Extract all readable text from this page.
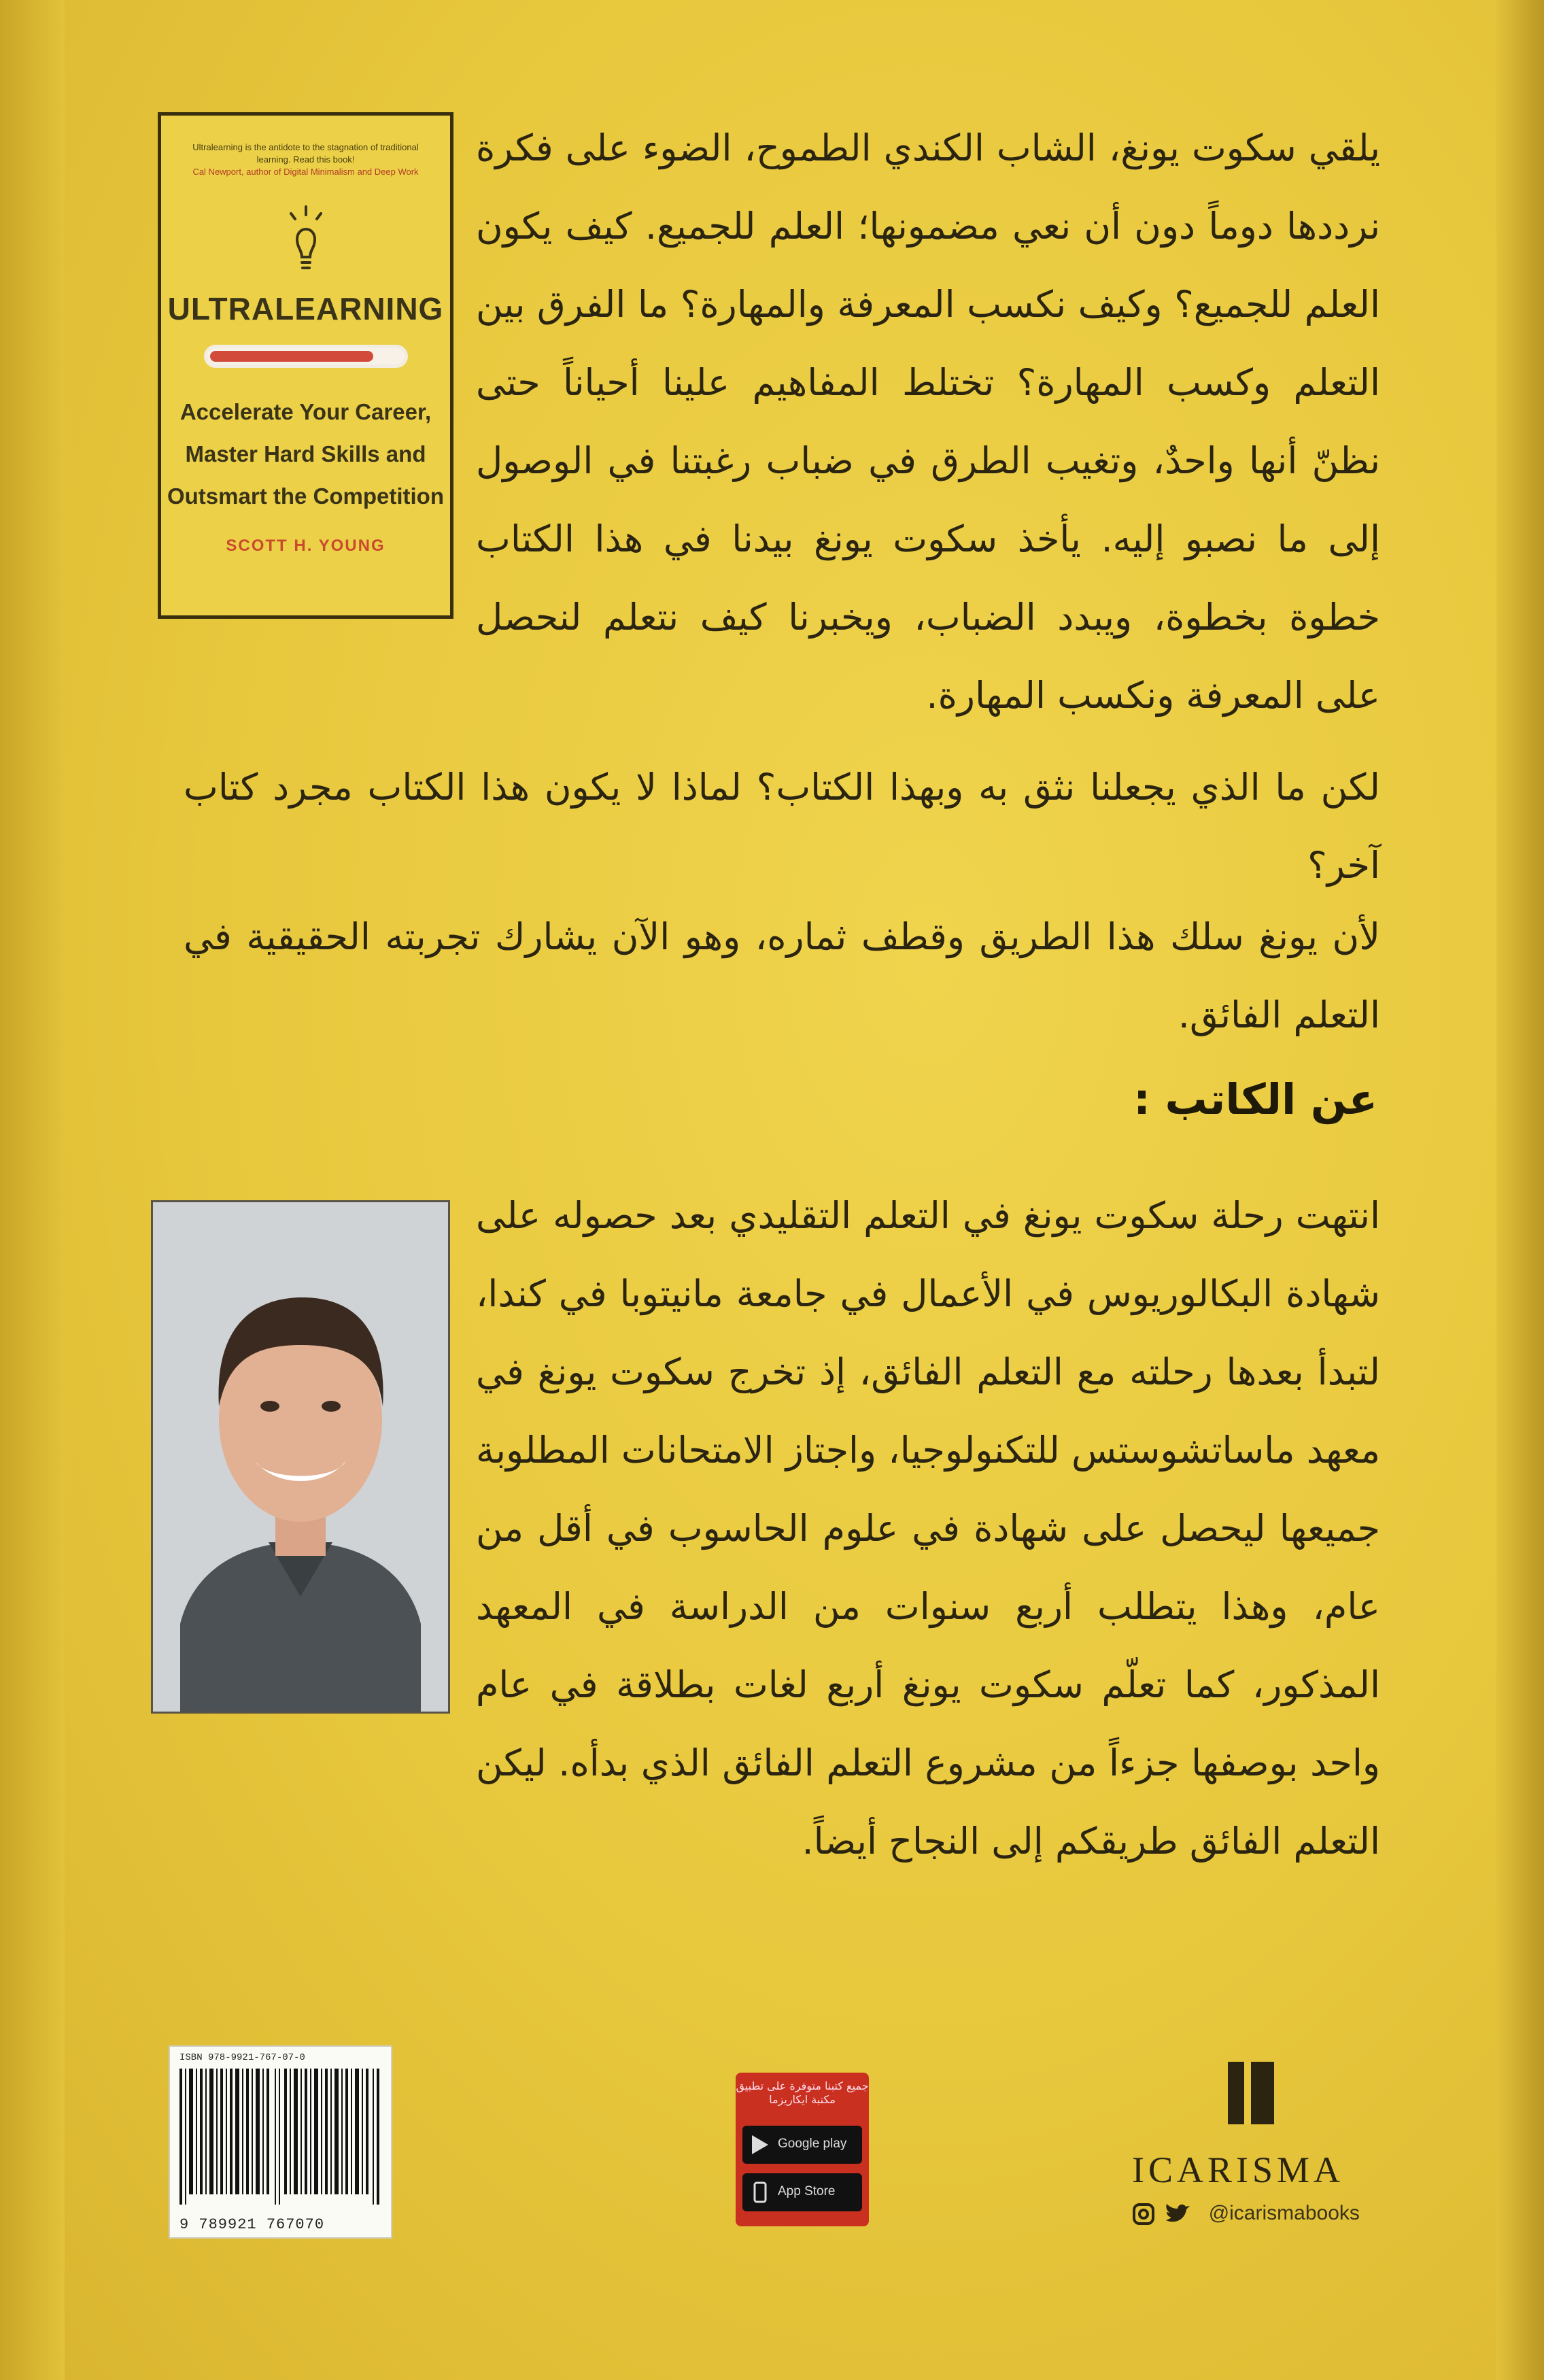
Ultralearning is the antidote to the stagnation of traditional learning. Read this book!
Cal Newport, author of Digital Minimalism and Deep Work
ULTRALEARNING
Accelerate Your Career,
Master Hard Skills and
Outsmart the Competition
SCOTT H. YOUNG
يلقي سكوت يونغ، الشاب الكندي الطموح، الضوء على فكرة نرددها دوماً دون أن نعي مضمونها؛ العلم للجميع. كيف يكون العلم للجميع؟ وكيف نكسب المعرفة والمهارة؟ ما الفرق بين التعلم وكسب المهارة؟ تختلط المفاهيم علينا أحياناً حتى نظنّ أنها واحدٌ، وتغيب الطرق في ضباب رغبتنا في الوصول إلى ما نصبو إليه. يأخذ سكوت يونغ بيدنا في هذا الكتاب خطوة بخطوة، ويبدد الضباب، ويخبرنا كيف نتعلم لنحصل على المعرفة ونكسب المهارة.
لكن ما الذي يجعلنا نثق به وبهذا الكتاب؟ لماذا لا يكون هذا الكتاب مجرد كتاب آخر؟
لأن يونغ سلك هذا الطريق وقطف ثماره، وهو الآن يشارك تجربته الحقيقية في التعلم الفائق.
عن الكاتب :
انتهت رحلة سكوت يونغ في التعلم التقليدي بعد حصوله على شهادة البكالوريوس في الأعمال في جامعة مانيتوبا في كندا، لتبدأ بعدها رحلته مع التعلم الفائق، إذ تخرج سكوت يونغ في معهد ماساتشوستس للتكنولوجيا، واجتاز الامتحانات المطلوبة جميعها ليحصل على شهادة في علوم الحاسوب في أقل من عام، وهذا يتطلب أربع سنوات من الدراسة في المعهد المذكور، كما تعلّم سكوت يونغ أربع لغات بطلاقة في عام واحد بوصفها جزءاً من مشروع التعلم الفائق الذي بدأه. ليكن التعلم الفائق طريقكم إلى النجاح أيضاً.
ISBN 978-9921-767-07-0
9 789921 767070
جميع كتبنا متوفرة على تطبيق مكتبة ايكاريزما
Google play
App Store
ICARISMA
@icarismabooks
